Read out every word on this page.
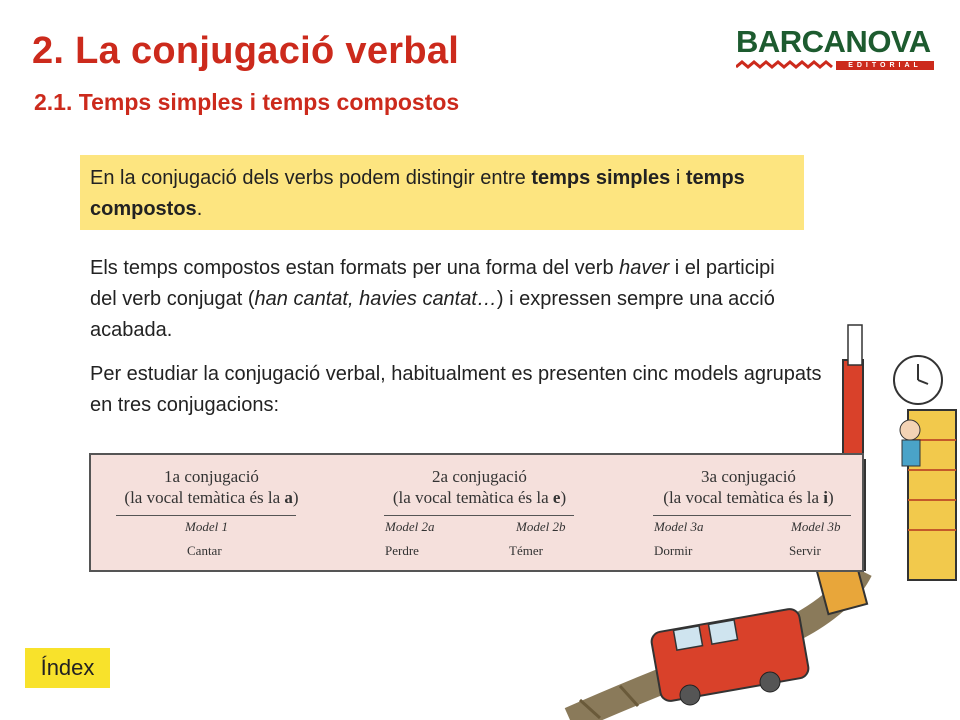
2. La conjugació verbal
2.1. Temps simples i temps compostos
BARCANOVA
EDITORIAL
En la conjugació dels verbs podem distingir entre temps simples i temps compostos.

Els temps compostos estan formats per una forma del verb haver i el participi del verb conjugat (han cantat, havies cantat…) i expressen sempre una acció acabada.

Per estudiar la conjugació verbal, habitualment es presenten cinc models agrupats en tres conjugacions:

1a conjugació
(la vocal temàtica és la a)
Model 1
Cantar
2a conjugació
(la vocal temàtica és la e)
Model 2a	Model 2b
Perdre	Témer
3a conjugació
(la vocal temàtica és la i)
Model 3a	Model 3b
Dormir	Servir
Índex
